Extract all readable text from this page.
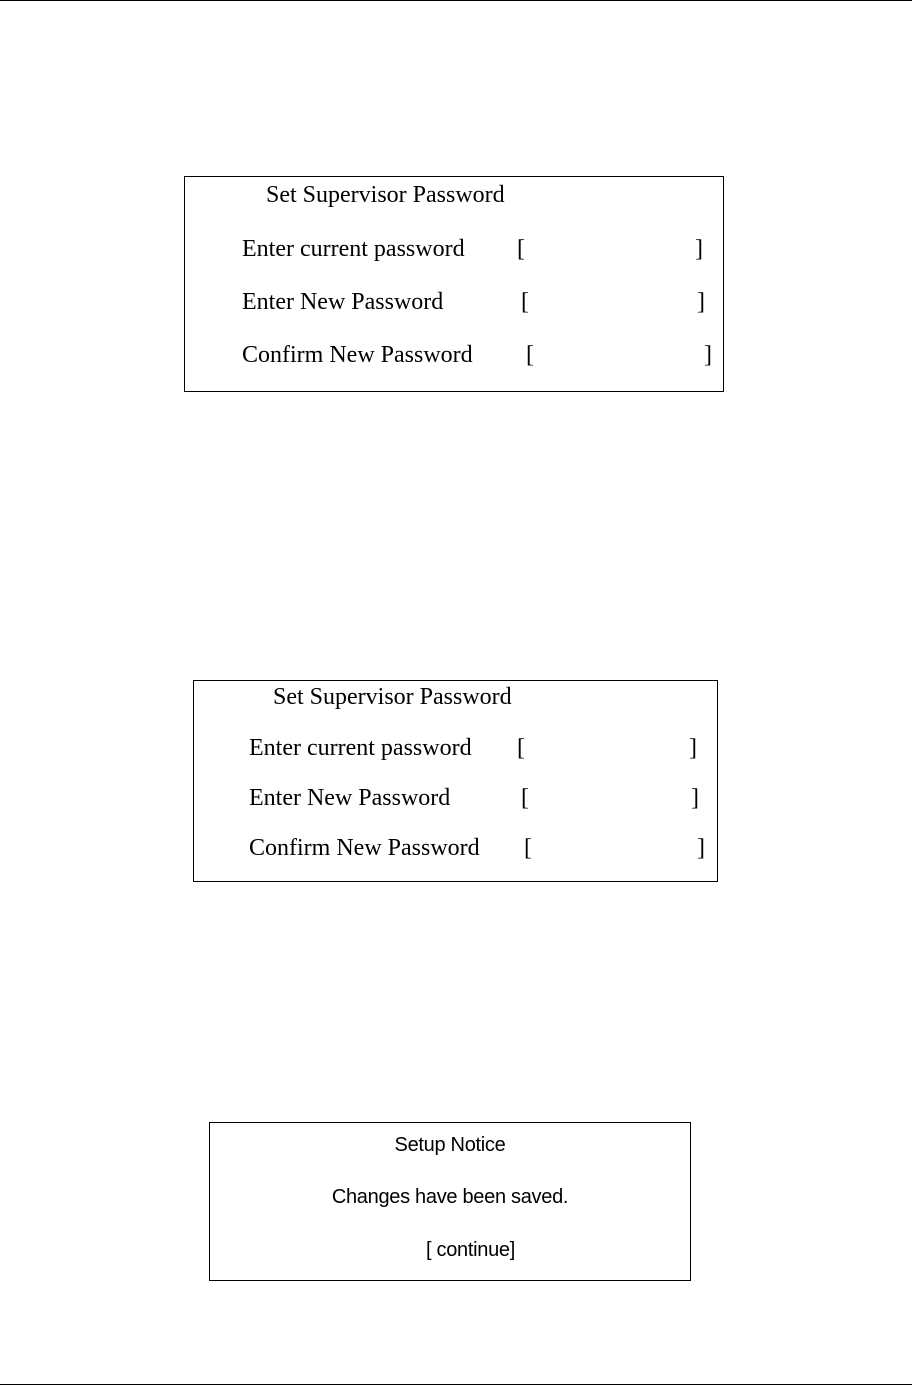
Set Supervisor Password
Enter current password [	]
Enter New Password	[	]
Confirm New Password [	]
Set Supervisor Password
Enter current password [	]
Enter New Password	[	]
Confirm New Password [	]
Setup Notice
Changes have been saved.
[ continue]
